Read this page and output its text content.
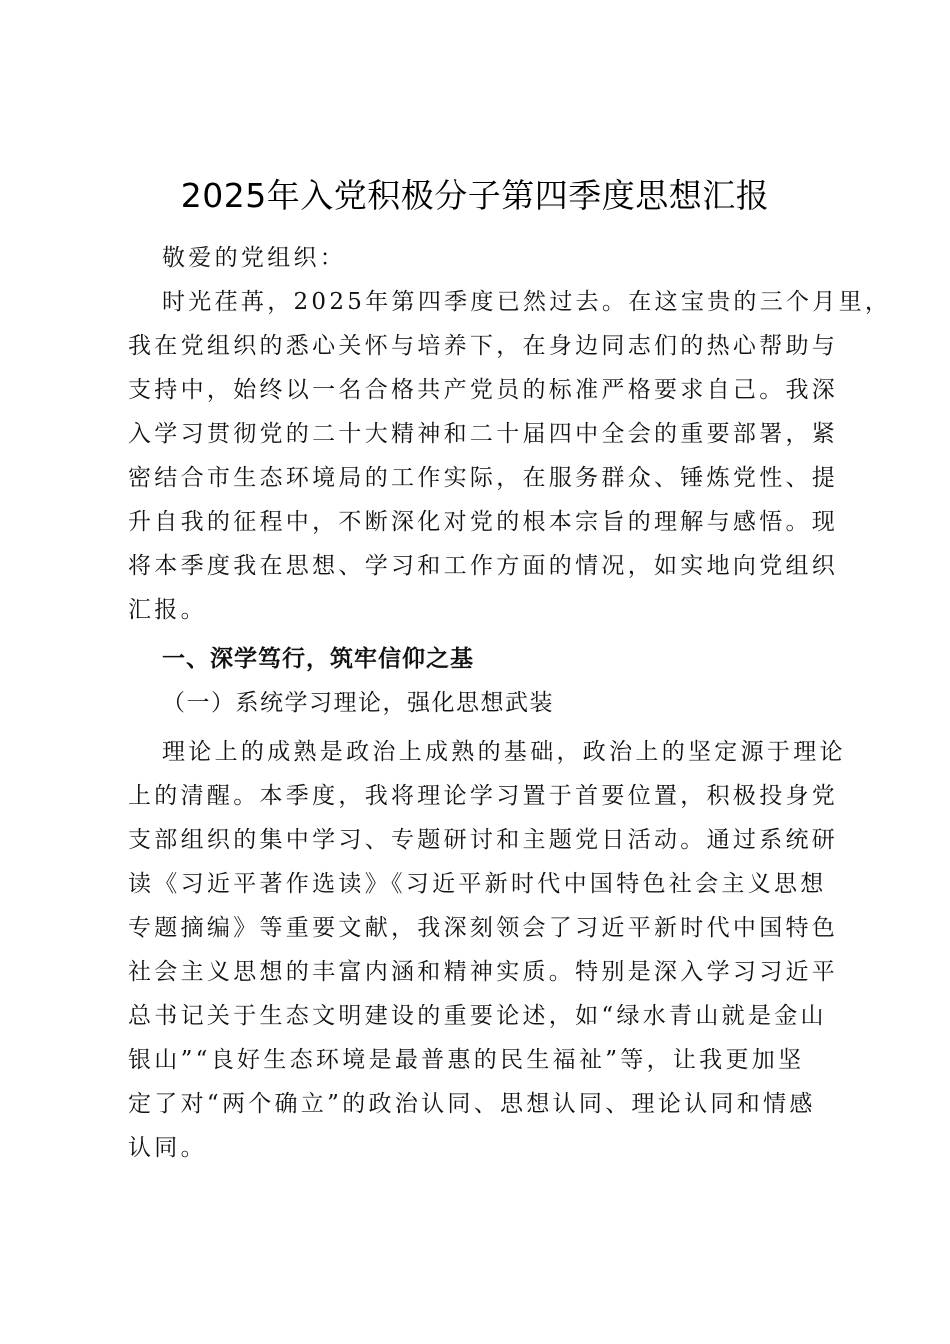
2025年入党积极分子第四季度思想汇报
敬爱的党组织：
时光荏苒，2025年第四季度已然过去。在这宝贵的三个月里，
我在党组织的悉心关怀与培养下，在身边同志们的热心帮助与
支持中，始终以一名合格共产党员的标准严格要求自己。我深
入学习贯彻党的二十大精神和二十届四中全会的重要部署，紧
密结合市生态环境局的工作实际，在服务群众、锤炼党性、提
升自我的征程中，不断深化对党的根本宗旨的理解与感悟。现
将本季度我在思想、学习和工作方面的情况，如实地向党组织
汇报。
一、深学笃行，筑牢信仰之基
（一）系统学习理论，强化思想武装
理论上的成熟是政治上成熟的基础，政治上的坚定源于理论
上的清醒。本季度，我将理论学习置于首要位置，积极投身党
支部组织的集中学习、专题研讨和主题党日活动。通过系统研
读《习近平著作选读》《习近平新时代中国特色社会主义思想
专题摘编》等重要文献，我深刻领会了习近平新时代中国特色
社会主义思想的丰富内涵和精神实质。特别是深入学习习近平
总书记关于生态文明建设的重要论述，如“绿水青山就是金山
银山”“良好生态环境是最普惠的民生福祉”等，让我更加坚
定了对“两个确立”的政治认同、思想认同、理论认同和情感
认同。
